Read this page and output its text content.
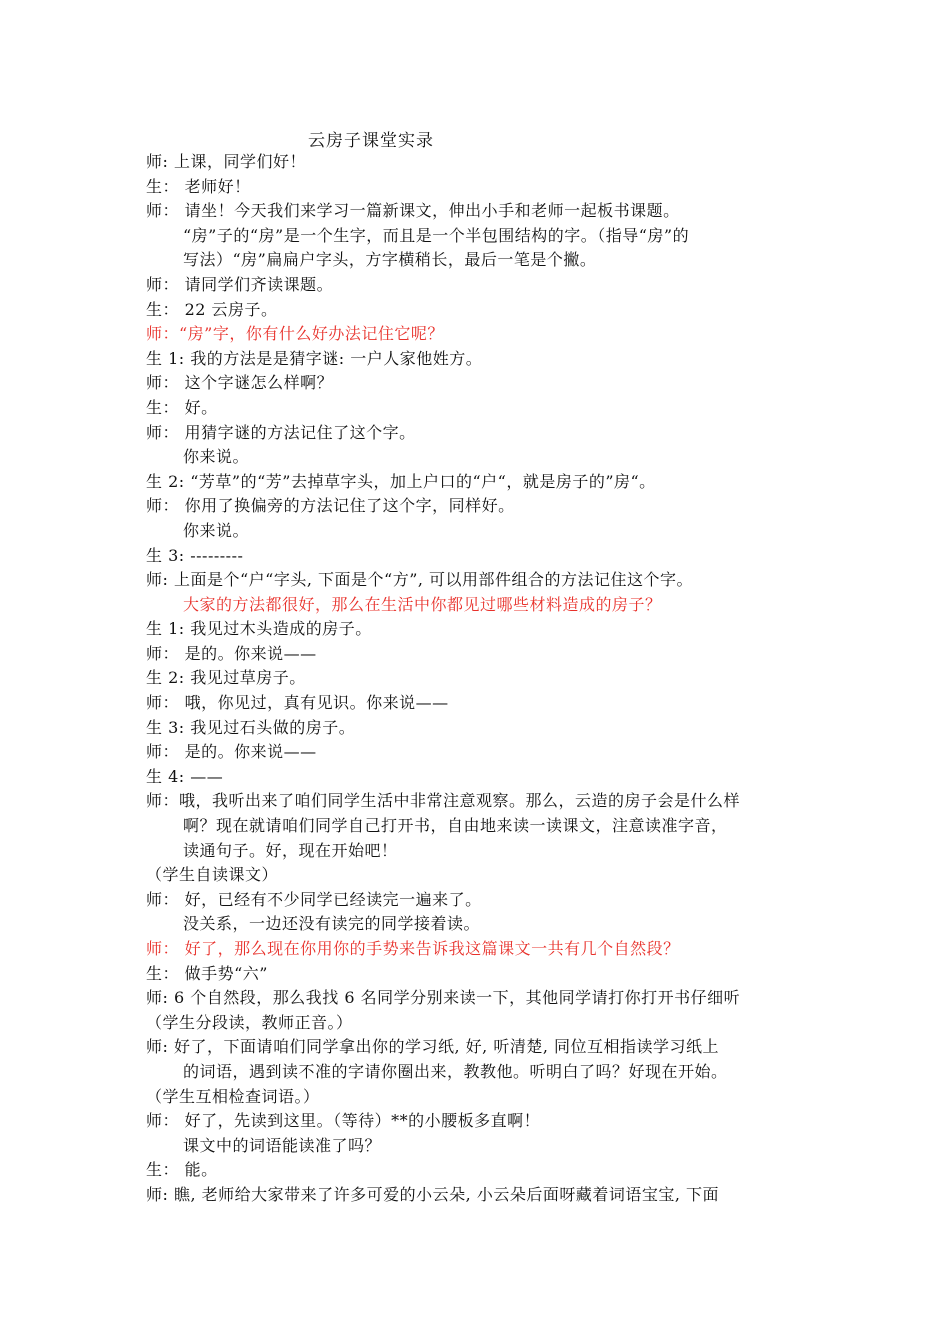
云房子课堂实录
师: 上课，同学们好！
生： 老师好！
师： 请坐！今天我们来学习一篇新课文，伸出小手和老师一起板书课题。
“房”子的“房”是一个生字，而且是一个半包围结构的字。（指导“房”的
写法）“房”扁扁户字头，方字横稍长，最后一笔是个撇。
师： 请同学们齐读课题。
生： 22 云房子。
师：“房”字，你有什么好办法记住它呢？
生 1: 我的方法是是猜字谜: 一户人家他姓方。
师： 这个字谜怎么样啊？
生： 好。
师： 用猜字谜的方法记住了这个字。
你来说。
生 2: “芳草”的“芳”去掉草字头，加上户口的“户“，就是房子的”房“。
师： 你用了换偏旁的方法记住了这个字，同样好。
你来说。
生 3: ---------
师: 上面是个“户“字头, 下面是个“方”, 可以用部件组合的方法记住这个字。
大家的方法都很好，那么在生活中你都见过哪些材料造成的房子？
生 1: 我见过木头造成的房子。
师： 是的。你来说——
生 2: 我见过草房子。
师： 哦，你见过，真有见识。你来说——
生 3: 我见过石头做的房子。
师： 是的。你来说——
生 4: ——
师：哦，我听出来了咱们同学生活中非常注意观察。那么，云造的房子会是什么样
啊？现在就请咱们同学自己打开书，自由地来读一读课文，注意读准字音，
读通句子。好，现在开始吧！
（学生自读课文）
师： 好，已经有不少同学已经读完一遍来了。
没关系，一边还没有读完的同学接着读。
师： 好了，那么现在你用你的手势来告诉我这篇课文一共有几个自然段？
生： 做手势“六”
师: 6 个自然段，那么我找 6 名同学分别来读一下，其他同学请打你打开书仔细听
（学生分段读，教师正音。）
师: 好了，下面请咱们同学拿出你的学习纸, 好, 听清楚, 同位互相指读学习纸上
的词语，遇到读不准的字请你圈出来，教教他。听明白了吗？好现在开始。
（学生互相检查词语。）
师： 好了，先读到这里。（等待）**的小腰板多直啊！
课文中的词语能读准了吗？
生： 能。
师: 瞧, 老师给大家带来了许多可爱的小云朵, 小云朵后面呀藏着词语宝宝, 下面
